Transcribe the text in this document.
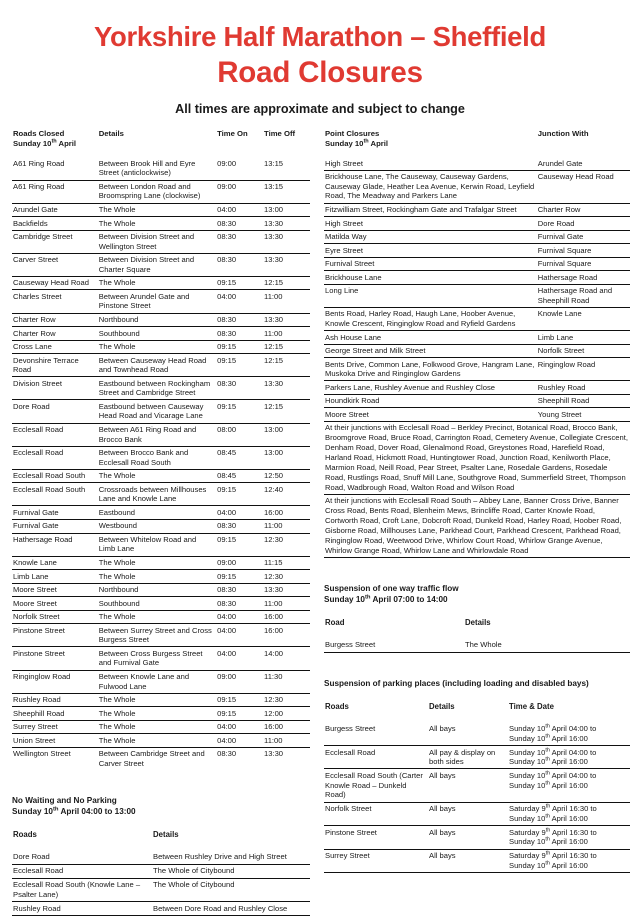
Yorkshire Half Marathon – Sheffield
Road Closures
All times are approximate and subject to change
Roads Closed
Sunday 10th April	Details	Time On	Time Off
A61 Ring Road	Between Brook Hill and Eyre Street (anticlockwise)	09:00	13:15
A61 Ring Road	Between London Road and Broomspring Lane (clockwise)	09:00	13:15
Arundel Gate	The Whole	04:00	13:00
Backfields	The Whole	08:30	13:30
Cambridge Street	Between Division Street and Wellington Street	08:30	13:30
Carver Street	Between Division Street and Charter Square	08:30	13:30
Causeway Head Road	The Whole	09:15	12:15
Charles Street	Between Arundel Gate and Pinstone Street	04:00	11:00
Charter Row	Northbound	08:30	13:30
Charter Row	Southbound	08:30	11:00
Cross Lane	The Whole	09:15	12:15
Devonshire Terrace Road	Between Causeway Head Road and Townhead Road	09:15	12:15
Division Street	Eastbound between Rockingham Street and Cambridge Street	08:30	13:30
Dore Road	Eastbound between Causeway Head Road and Vicarage Lane	09:15	12:15
Ecclesall Road	Between A61 Ring Road and Brocco Bank	08:00	13:00
Ecclesall Road	Between Brocco Bank and Ecclesall Road South	08:45	13:00
Ecclesall Road South	The Whole	08:45	12:50
Ecclesall Road South	Crossroads between Millhouses Lane and Knowle Lane	09:15	12:40
Furnival Gate	Eastbound	04:00	16:00
Furnival Gate	Westbound	08:30	11:00
Hathersage Road	Between Whitelow Road and Limb Lane	09:15	12:30
Knowle Lane	The Whole	09:00	11:15
Limb Lane	The Whole	09:15	12:30
Moore Street	Northbound	08:30	13:30
Moore Street	Southbound	08:30	11:00
Norfolk Street	The Whole	04:00	16:00
Pinstone Street	Between Surrey Street and Cross Burgess Street	04:00	16:00
Pinstone Street	Between Cross Burgess Street and Furnival Gate	04:00	14:00
Ringinglow Road	Between Knowle Lane and Fulwood Lane	09:00	11:30
Rushley Road	The Whole	09:15	12:30
Sheephill Road	The Whole	09:15	12:00
Surrey Street	The Whole	04:00	16:00
Union Street	The Whole	04:00	11:00
Wellington Street	Between Cambridge Street and Carver Street	08:30	13:30
No Waiting and No Parking
Sunday 10th April 04:00 to 13:00
Roads	Details
Dore Road	Between Rushley Drive and High Street
Ecclesall Road	The Whole of Citybound
Ecclesall Road South (Knowle Lane – Psalter Lane)	The Whole of Citybound
Rushley Road	Between Dore Road and Rushley Close

Point Closures
Sunday 10th April	Junction With
High Street	Arundel Gate
Brickhouse Lane, The Causeway, Causeway Gardens, Causeway Glade, Heather Lea Avenue, Kerwin Road, Leyfield Road, The Meadway and Parkers Lane	Causeway Head Road
Fitzwilliam Street, Rockingham Gate and Trafalgar Street	Charter Row
High Street	Dore Road
Matilda Way	Furnival Gate
Eyre Street	Furnival Square
Furnival Street	Furnival Square
Brickhouse Lane	Hathersage Road
Long Line	Hathersage Road and Sheephill Road
Bents Road, Harley Road, Haugh Lane, Hoober Avenue, Knowle Crescent, Ringinglow Road and Ryfield Gardens	Knowle Lane
Ash House Lane	Limb Lane
George Street and Milk Street	Norfolk Street
Bents Drive, Common Lane, Folkwood Grove, Hangram Lane, Muskoka Drive and Ringinglow Gardens	Ringinglow Road
Parkers Lane, Rushley Avenue and Rushley Close	Rushley Road
Houndkirk Road	Sheephill Road
Moore Street	Young Street
At their junctions with Ecclesall Road – Berkley Precinct, Botanical Road, Brocco Bank, Broomgrove Road, Bruce Road, Carrington Road, Cemetery Avenue, Collegiate Crescent, Denham Road, Dover Road, Glenalmond Road, Greystones Road, Harefield Road, Harland Road, Hickmott Road, Huntingtower Road, Junction Road, Kenilworth Place, Marmion Road, Neill Road, Pear Street, Psalter Lane, Rosedale Gardens, Rosedale Road, Rustlings Road, Snuff Mill Lane, Southgrove Road, Summerfield Street, Thompson Road, Wadbrough Road, Walton Road and Wilson Road	
At their junctions with Ecclesall Road South – Abbey Lane, Banner Cross Drive, Banner Cross Road, Bents Road, Blenheim Mews, Brincliffe Road, Carter Knowle Road, Cortworth Road, Croft Lane, Dobcroft Road, Dunkeld Road, Harley Road, Hoober Road, Gisborne Road, Millhouses Lane, Parkhead Court, Parkhead Crescent, Parkhead Road, Ringinglow Road, Weetwood Drive, Whirlow Court Road, Whirlow Grange Avenue, Whirlow Grange Road, Whirlow Lane and Whirlowdale Road	

Suspension of one way traffic flow
Sunday 10th April 07:00 to 14:00
Road	Details
Burgess Street	The Whole

Suspension of parking places (including loading and disabled bays)
Roads	Details	Time & Date
Burgess Street	All bays	Sunday 10th April 04:00 to
Sunday 10th April 16:00
Ecclesall Road	All pay & display on both sides	Sunday 10th April 04:00 to
Sunday 10th April 16:00
Ecclesall Road South (Carter Knowle Road – Dunkeld Road)	All bays	Sunday 10th April 04:00 to
Sunday 10th April 16:00
Norfolk Street	All bays	Saturday 9th April 16:30 to
Sunday 10th April 16:00
Pinstone Street	All bays	Saturday 9th April 16:30 to
Sunday 10th April 16:00
Surrey Street	All bays	Saturday 9th April 16:30 to
Sunday 10th April 16:00
